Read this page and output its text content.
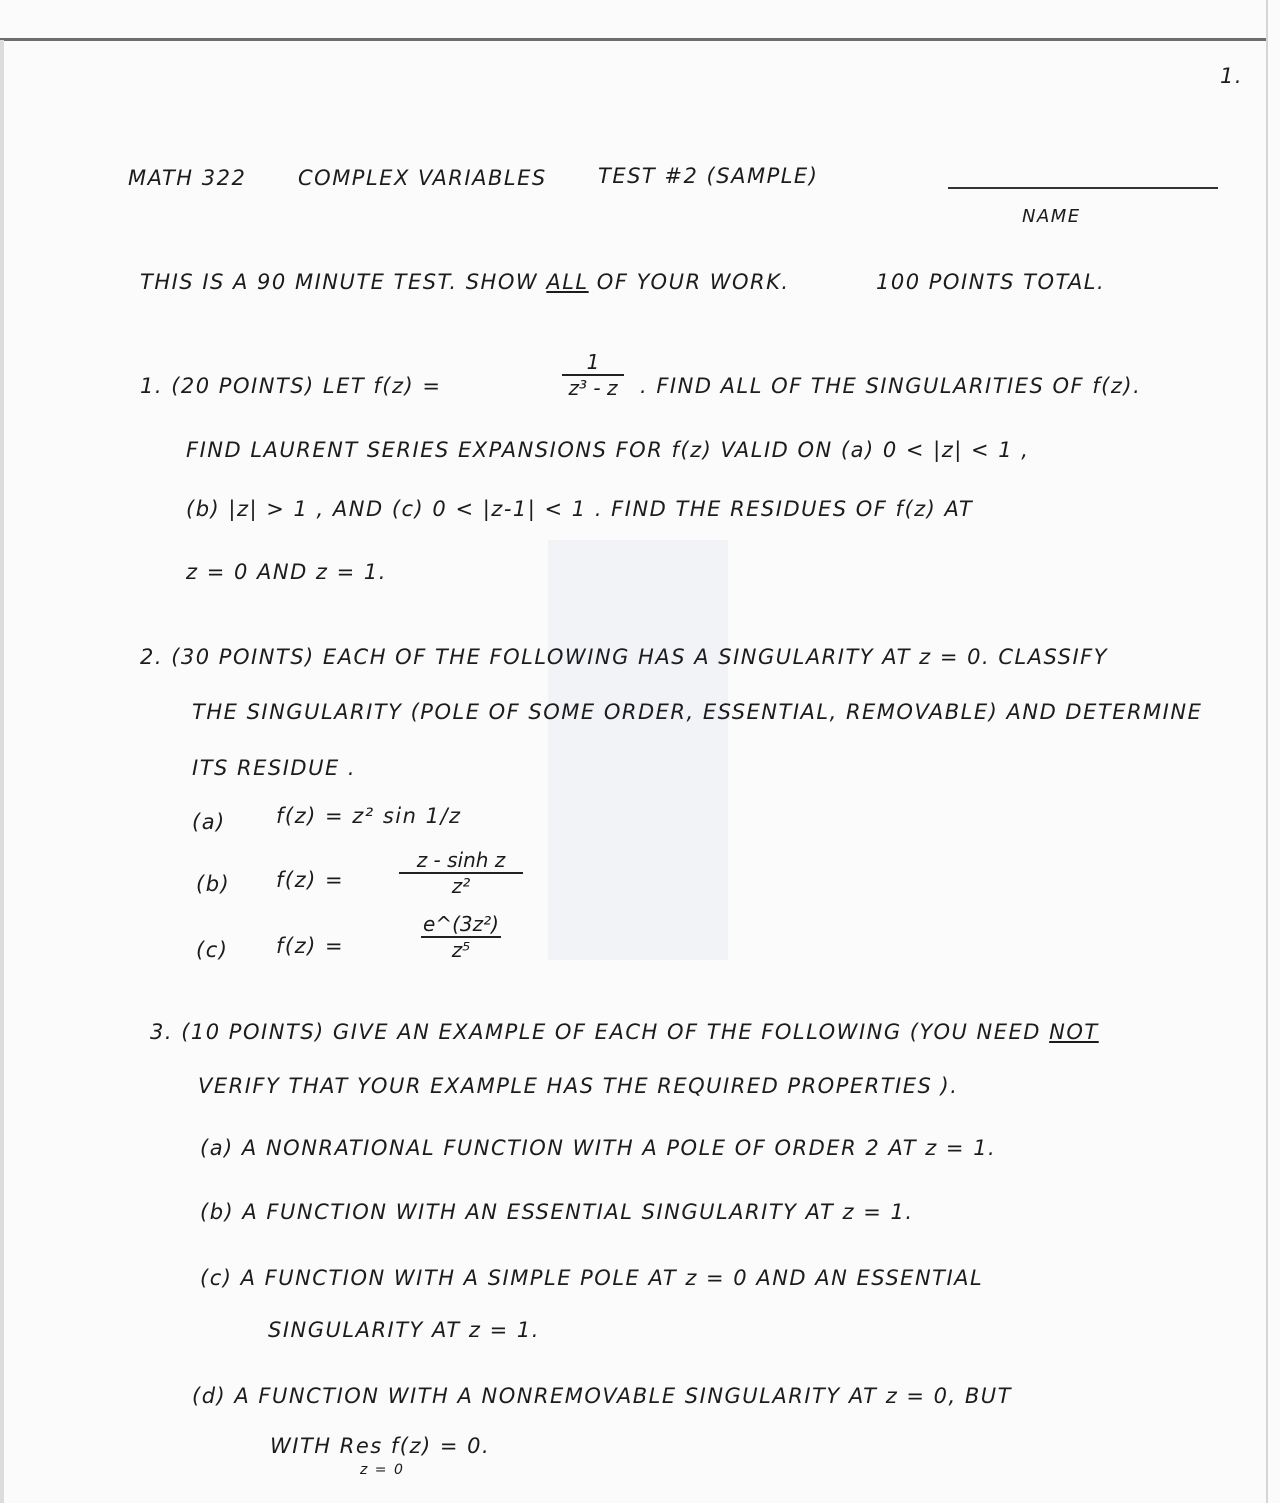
1.
MATH 322 COMPLEX VARIABLES TEST #2 (SAMPLE)
NAME
THIS IS A 90 MINUTE TEST. SHOW ALL OF YOUR WORK.	100 POINTS TOTAL.
1. (20 POINTS) LET f(z) =
1
z³ - z . FIND ALL OF THE SINGULARITIES OF f(z).
FIND LAURENT SERIES EXPANSIONS FOR f(z) VALID ON (a) 0 < |z| < 1 ,
(b) |z| > 1 , AND (c) 0 < |z-1| < 1 . FIND THE RESIDUES OF f(z) AT
z = 0 AND z = 1.
2. (30 POINTS) EACH OF THE FOLLOWING HAS A SINGULARITY AT z = 0. CLASSIFY
THE SINGULARITY (POLE OF SOME ORDER, ESSENTIAL, REMOVABLE) AND DETERMINE
ITS RESIDUE .
(a) f(z) = z² sin 1/z
(b) f(z) =
z - sinh z
z²
(c) f(z) =
e^(3z²)
z⁵
3. (10 POINTS) GIVE AN EXAMPLE OF EACH OF THE FOLLOWING (YOU NEED NOT
VERIFY THAT YOUR EXAMPLE HAS THE REQUIRED PROPERTIES ).
(a) A NONRATIONAL FUNCTION WITH A POLE OF ORDER 2 AT z = 1.
(b) A FUNCTION WITH AN ESSENTIAL SINGULARITY AT z = 1.
(c) A FUNCTION WITH A SIMPLE POLE AT z = 0 AND AN ESSENTIAL
SINGULARITY AT z = 1.
(d) A FUNCTION WITH A NONREMOVABLE SINGULARITY AT z = 0, BUT
WITH Res f(z) = 0.
z = 0
